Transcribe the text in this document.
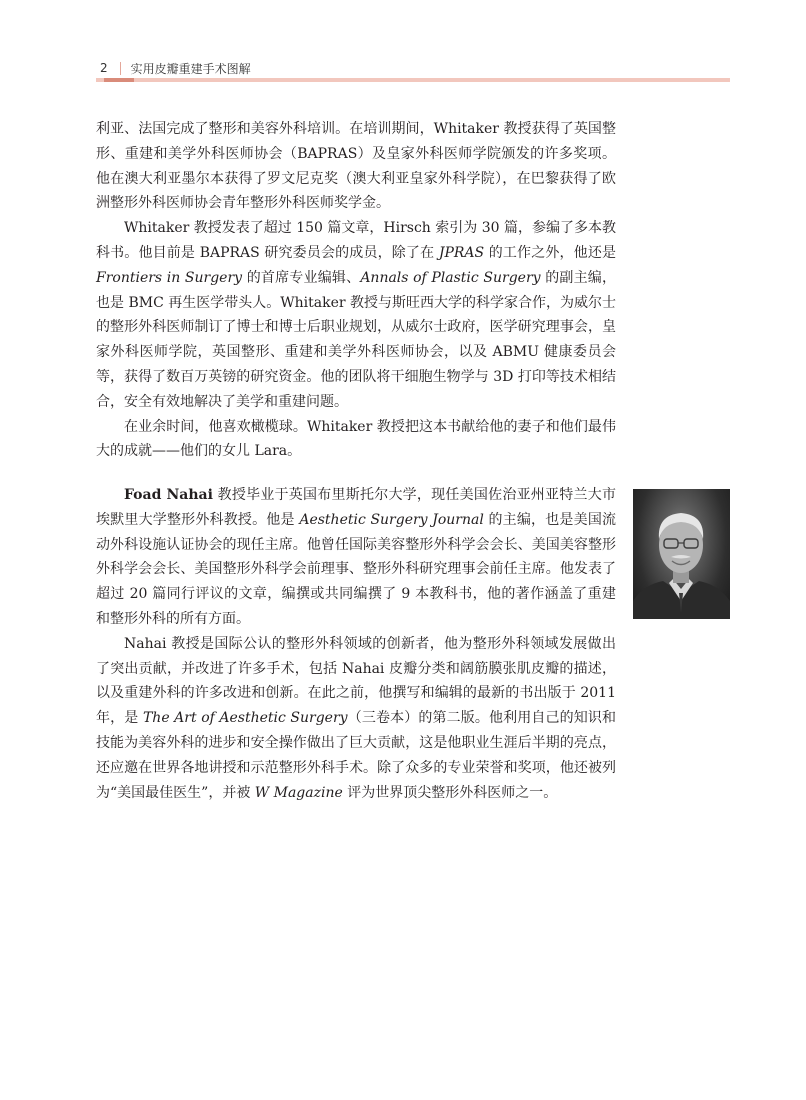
2 实用皮瓣重建手术图解

利亚、法国完成了整形和美容外科培训。在培训期间，Whitaker 教授获得了英国整形、重建和美学外科医师协会（BAPRAS）及皇家外科医师学院颁发的许多奖项。他在澳大利亚墨尔本获得了罗文尼克奖（澳大利亚皇家外科学院），在巴黎获得了欧洲整形外科医师协会青年整形外科医师奖学金。

Whitaker 教授发表了超过 150 篇文章，Hirsch 索引为 30 篇，参编了多本教科书。他目前是 BAPRAS 研究委员会的成员，除了在 JPRAS 的工作之外，他还是 Frontiers in Surgery 的首席专业编辑、Annals of Plastic Surgery 的副主编，也是 BMC 再生医学带头人。Whitaker 教授与斯旺西大学的科学家合作，为威尔士的整形外科医师制订了博士和博士后职业规划，从威尔士政府，医学研究理事会，皇家外科医师学院，英国整形、重建和美学外科医师协会，以及 ABMU 健康委员会等，获得了数百万英镑的研究资金。他的团队将干细胞生物学与 3D 打印等技术相结合，安全有效地解决了美学和重建问题。

在业余时间，他喜欢橄榄球。Whitaker 教授把这本书献给他的妻子和他们最伟大的成就——他们的女儿 Lara。

Foad Nahai 教授毕业于英国布里斯托尔大学，现任美国佐治亚州亚特兰大市埃默里大学整形外科教授。他是 Aesthetic Surgery Journal 的主编，也是美国流动外科设施认证协会的现任主席。他曾任国际美容整形外科学会会长、美国美容整形外科学会会长、美国整形外科学会前理事、整形外科研究理事会前任主席。他发表了超过 20 篇同行评议的文章，编撰或共同编撰了 9 本教科书，他的著作涵盖了重建和整形外科的所有方面。

Nahai 教授是国际公认的整形外科领域的创新者，他为整形外科领域发展做出了突出贡献，并改进了许多手术，包括 Nahai 皮瓣分类和阔筋膜张肌皮瓣的描述，以及重建外科的许多改进和创新。在此之前，他撰写和编辑的最新的书出版于 2011 年，是 The Art of Aesthetic Surgery（三卷本）的第二版。他利用自己的知识和技能为美容外科的进步和安全操作做出了巨大贡献，这是他职业生涯后半期的亮点，还应邀在世界各地讲授和示范整形外科手术。除了众多的专业荣誉和奖项，他还被列为“美国最佳医生”，并被 W Magazine 评为世界顶尖整形外科医师之一。
